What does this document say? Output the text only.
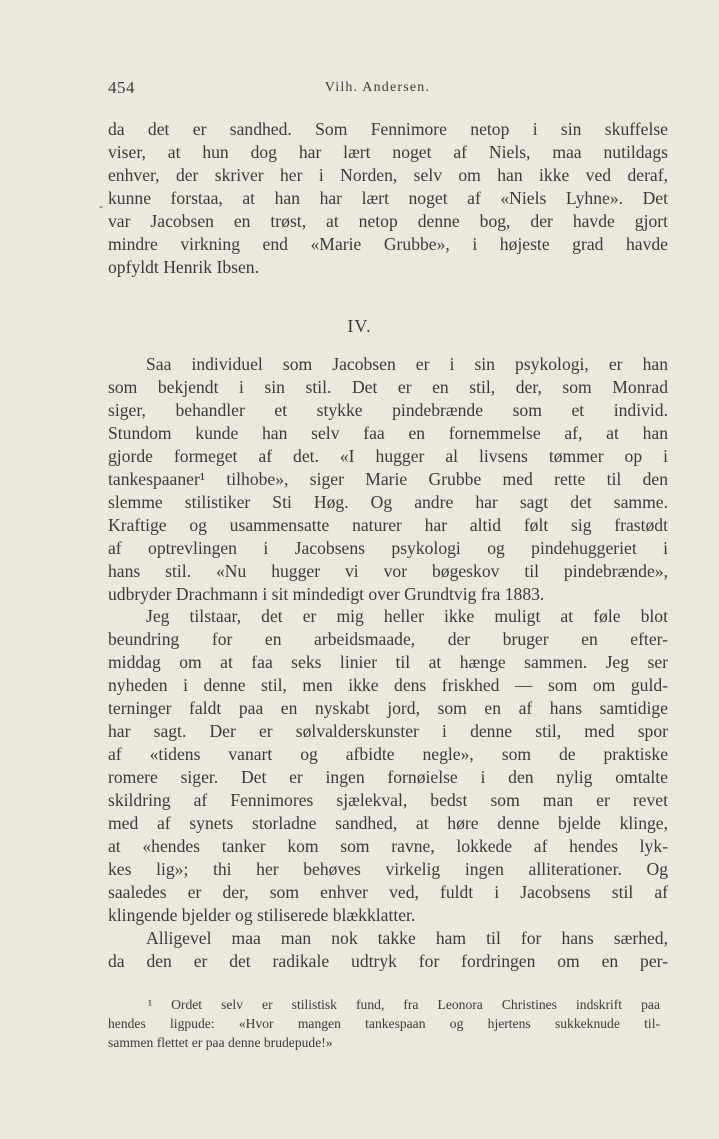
454	Vilh. Andersen.
da det er sandhed. Som Fennimore netop i sin skuffelse
viser, at hun dog har lært noget af Niels, maa nutildags
enhver, der skriver her i Norden, selv om han ikke ved deraf,
- kunne forstaa, at han har lært noget af «Niels Lyhne». Det
var Jacobsen en trøst, at netop denne bog, der havde gjort
mindre virkning end «Marie Grubbe», i højeste grad havde
opfyldt Henrik Ibsen.
IV.
Saa individuel som Jacobsen er i sin psykologi, er han
som bekjendt i sin stil. Det er en stil, der, som Monrad
siger, behandler et stykke pindebrænde som et individ.
Stundom kunde han selv faa en fornemmelse af, at han
gjorde formeget af det. «I hugger al livsens tømmer op i
tankespaaner¹ tilhobe», siger Marie Grubbe med rette til den
slemme stilistiker Sti Høg. Og andre har sagt det samme.
Kraftige og usammensatte naturer har altid følt sig frastødt
af optrevlingen i Jacobsens psykologi og pindehuggeriet i
hans stil. «Nu hugger vi vor bøgeskov til pindebrænde»,
udbryder Drachmann i sit mindedigt over Grundtvig fra 1883.
Jeg tilstaar, det er mig heller ikke muligt at føle blot
beundring for en arbeidsmaade, der bruger en efter-
middag om at faa seks linier til at hænge sammen. Jeg ser
nyheden i denne stil, men ikke dens friskhed — som om guld-
terninger faldt paa en nyskabt jord, som en af hans samtidige
har sagt. Der er sølvalderskunster i denne stil, med spor
af «tidens vanart og afbidte negle», som de praktiske
romere siger. Det er ingen fornøielse i den nylig omtalte
skildring af Fennimores sjælekval, bedst som man er revet
med af synets storladne sandhed, at høre denne bjelde klinge,
at «hendes tanker kom som ravne, lokkede af hendes lyk-
kes lig»; thi her behøves virkelig ingen alliterationer. Og
saaledes er der, som enhver ved, fuldt i Jacobsens stil af
klingende bjelder og stiliserede blækklatter.
Alligevel maa man nok takke ham til for hans særhed,
da den er det radikale udtryk for fordringen om en per-
¹ Ordet selv er stilistisk fund, fra Leonora Christines indskrift paa
hendes ligpude: «Hvor mangen tankespaan og hjertens sukkeknude til-
sammen flettet er paa denne brudepude!»
